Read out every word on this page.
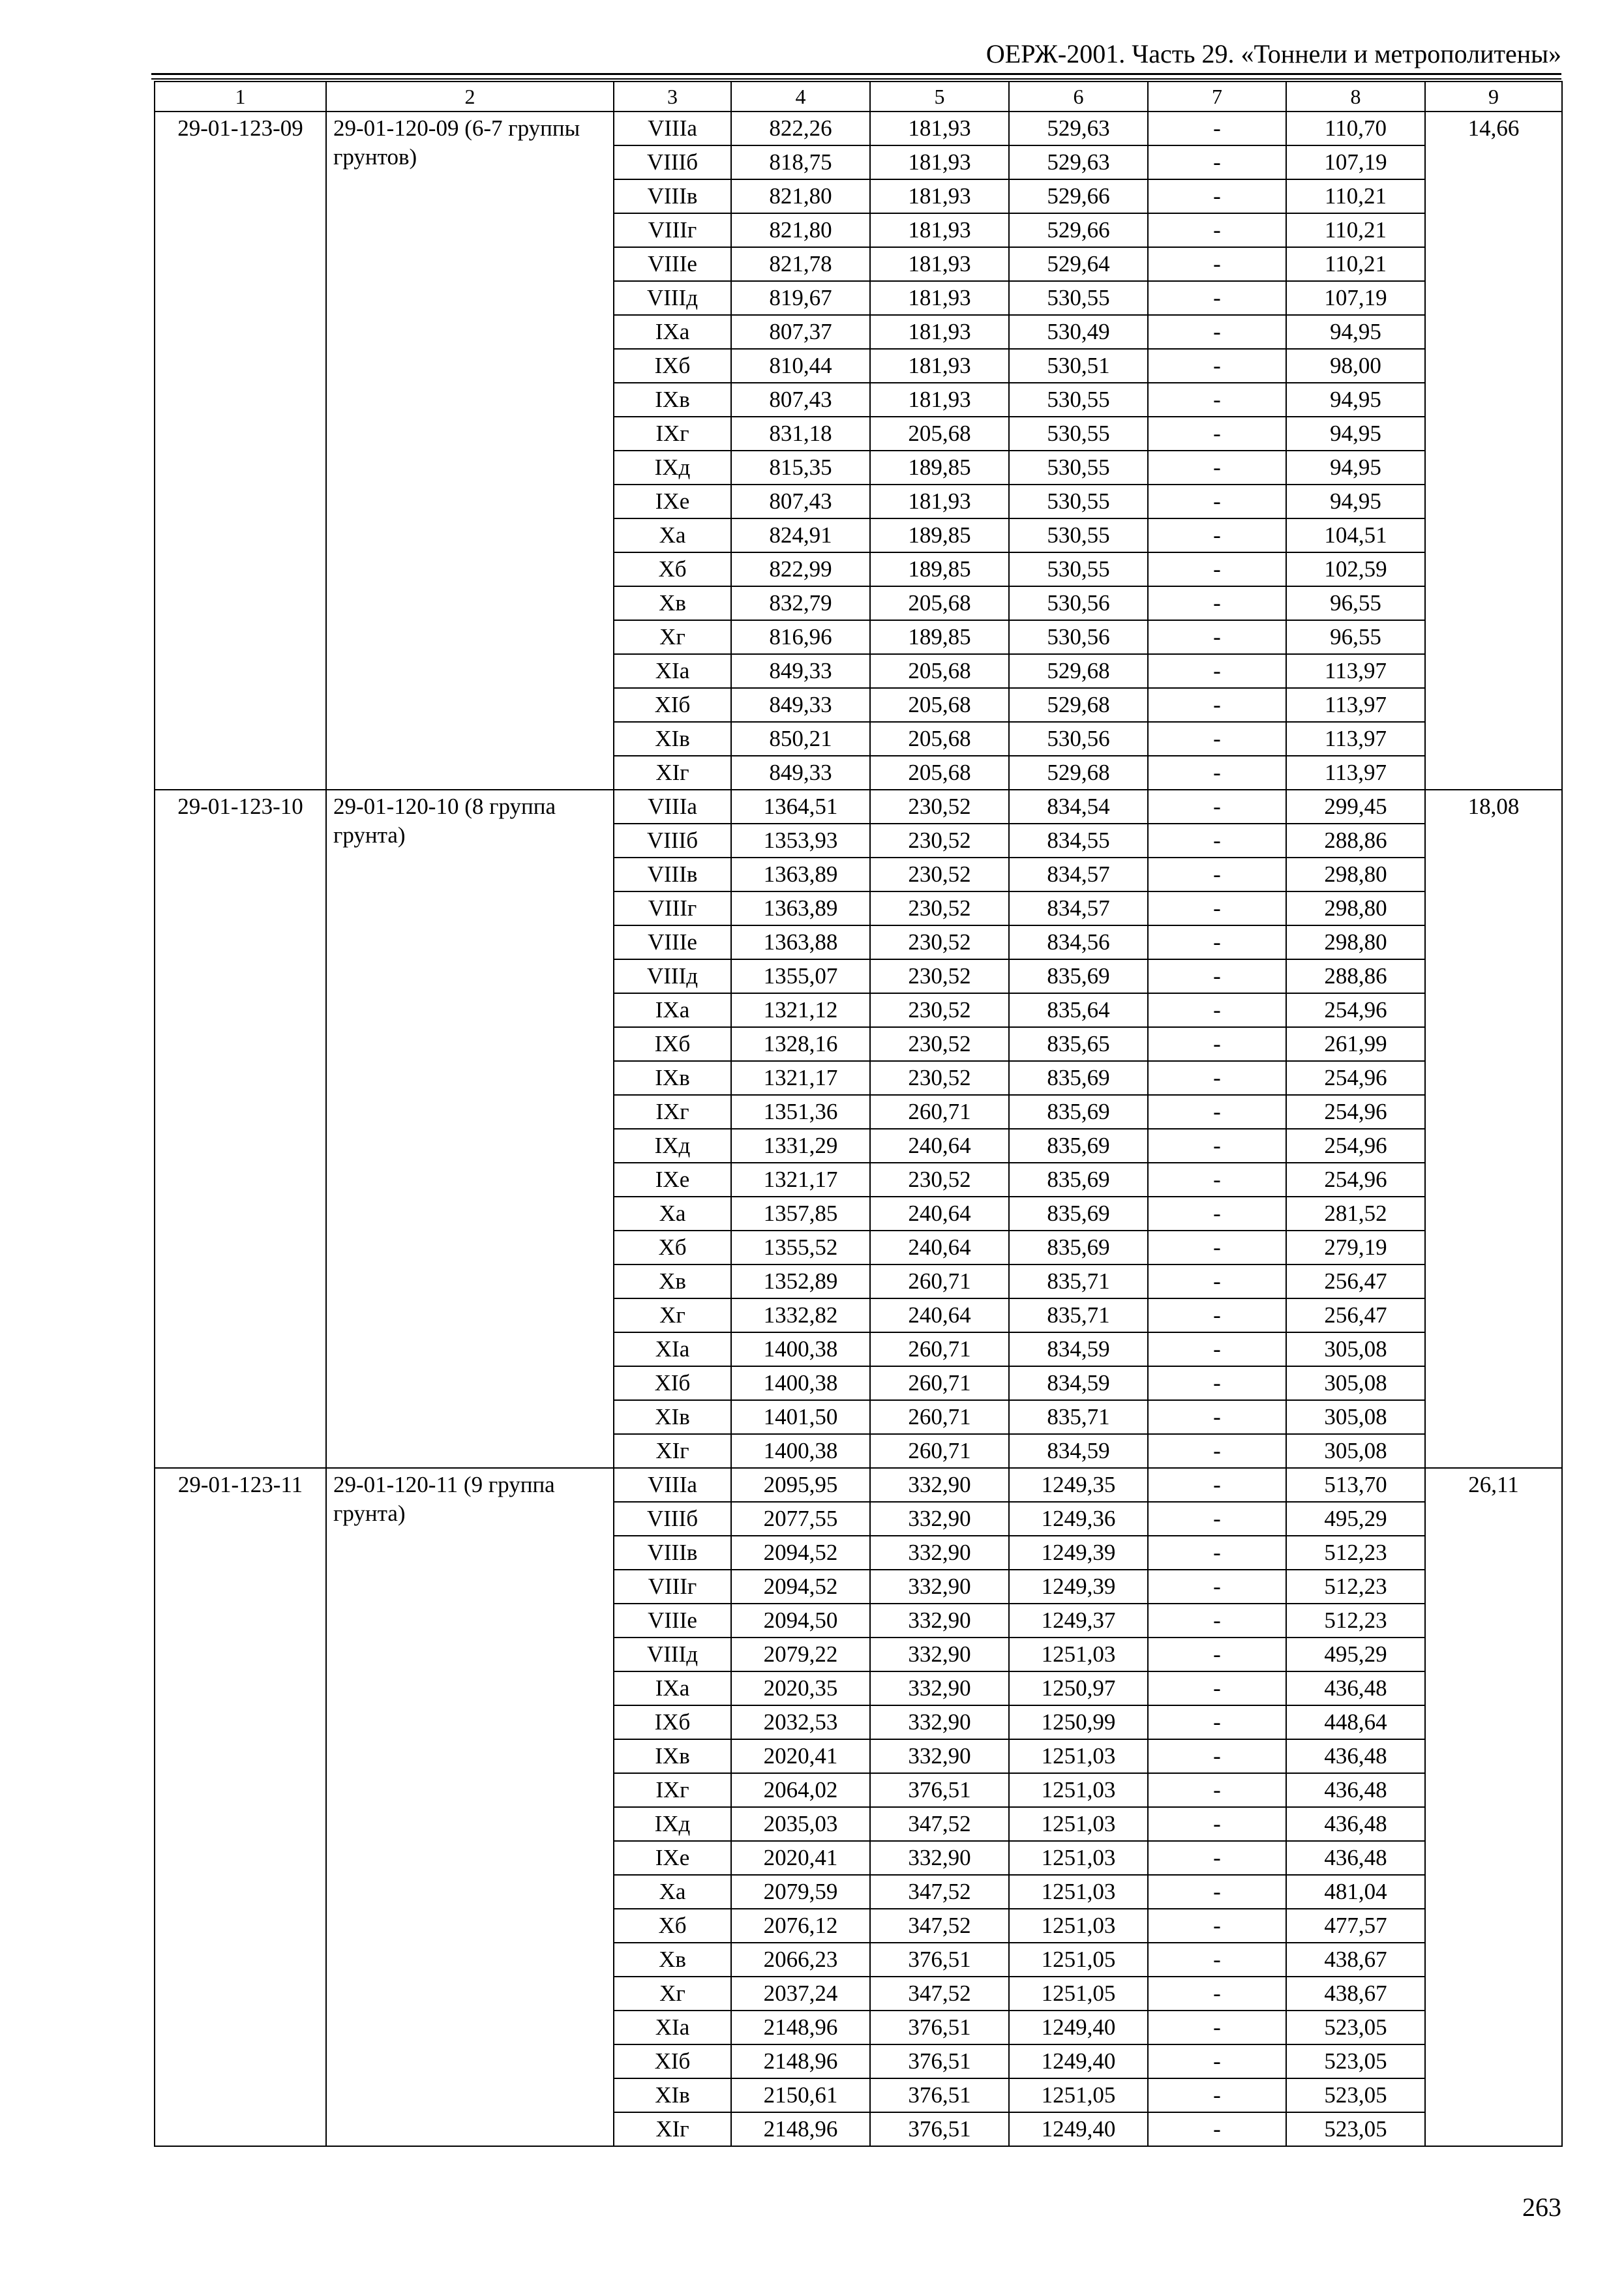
ОЕРЖ-2001. Часть 29. «Тоннели и метрополитены»
1	2	3	4	5	6	7	8	9
29-01-123-09	29-01-120-09 (6-7 группы грунтов)	VIIIа	822,26	181,93	529,63	-	110,70	14,66
		VIIIб	818,75	181,93	529,63	-	107,19	
		VIIIв	821,80	181,93	529,66	-	110,21	
		VIIIг	821,80	181,93	529,66	-	110,21	
		VIIIе	821,78	181,93	529,64	-	110,21	
		VIIIд	819,67	181,93	530,55	-	107,19	
		IXа	807,37	181,93	530,49	-	94,95	
		IXб	810,44	181,93	530,51	-	98,00	
		IXв	807,43	181,93	530,55	-	94,95	
		IXг	831,18	205,68	530,55	-	94,95	
		IXд	815,35	189,85	530,55	-	94,95	
		IXе	807,43	181,93	530,55	-	94,95	
		Xа	824,91	189,85	530,55	-	104,51	
		Xб	822,99	189,85	530,55	-	102,59	
		Xв	832,79	205,68	530,56	-	96,55	
		Xг	816,96	189,85	530,56	-	96,55	
		XIа	849,33	205,68	529,68	-	113,97	
		XIб	849,33	205,68	529,68	-	113,97	
		XIв	850,21	205,68	530,56	-	113,97	
		XIг	849,33	205,68	529,68	-	113,97	
29-01-123-10	29-01-120-10 (8 группа грунта)	VIIIа	1364,51	230,52	834,54	-	299,45	18,08
		VIIIб	1353,93	230,52	834,55	-	288,86	
		VIIIв	1363,89	230,52	834,57	-	298,80	
		VIIIг	1363,89	230,52	834,57	-	298,80	
		VIIIе	1363,88	230,52	834,56	-	298,80	
		VIIIд	1355,07	230,52	835,69	-	288,86	
		IXа	1321,12	230,52	835,64	-	254,96	
		IXб	1328,16	230,52	835,65	-	261,99	
		IXв	1321,17	230,52	835,69	-	254,96	
		IXг	1351,36	260,71	835,69	-	254,96	
		IXд	1331,29	240,64	835,69	-	254,96	
		IXе	1321,17	230,52	835,69	-	254,96	
		Xа	1357,85	240,64	835,69	-	281,52	
		Xб	1355,52	240,64	835,69	-	279,19	
		Xв	1352,89	260,71	835,71	-	256,47	
		Xг	1332,82	240,64	835,71	-	256,47	
		XIа	1400,38	260,71	834,59	-	305,08	
		XIб	1400,38	260,71	834,59	-	305,08	
		XIв	1401,50	260,71	835,71	-	305,08	
		XIг	1400,38	260,71	834,59	-	305,08	
29-01-123-11	29-01-120-11 (9 группа грунта)	VIIIа	2095,95	332,90	1249,35	-	513,70	26,11
		VIIIб	2077,55	332,90	1249,36	-	495,29	
		VIIIв	2094,52	332,90	1249,39	-	512,23	
		VIIIг	2094,52	332,90	1249,39	-	512,23	
		VIIIе	2094,50	332,90	1249,37	-	512,23	
		VIIIд	2079,22	332,90	1251,03	-	495,29	
		IXа	2020,35	332,90	1250,97	-	436,48	
		IXб	2032,53	332,90	1250,99	-	448,64	
		IXв	2020,41	332,90	1251,03	-	436,48	
		IXг	2064,02	376,51	1251,03	-	436,48	
		IXд	2035,03	347,52	1251,03	-	436,48	
		IXе	2020,41	332,90	1251,03	-	436,48	
		Xа	2079,59	347,52	1251,03	-	481,04	
		Xб	2076,12	347,52	1251,03	-	477,57	
		Xв	2066,23	376,51	1251,05	-	438,67	
		Xг	2037,24	347,52	1251,05	-	438,67	
		XIа	2148,96	376,51	1249,40	-	523,05	
		XIб	2148,96	376,51	1249,40	-	523,05	
		XIв	2150,61	376,51	1251,05	-	523,05	
		XIг	2148,96	376,51	1249,40	-	523,05	
263
